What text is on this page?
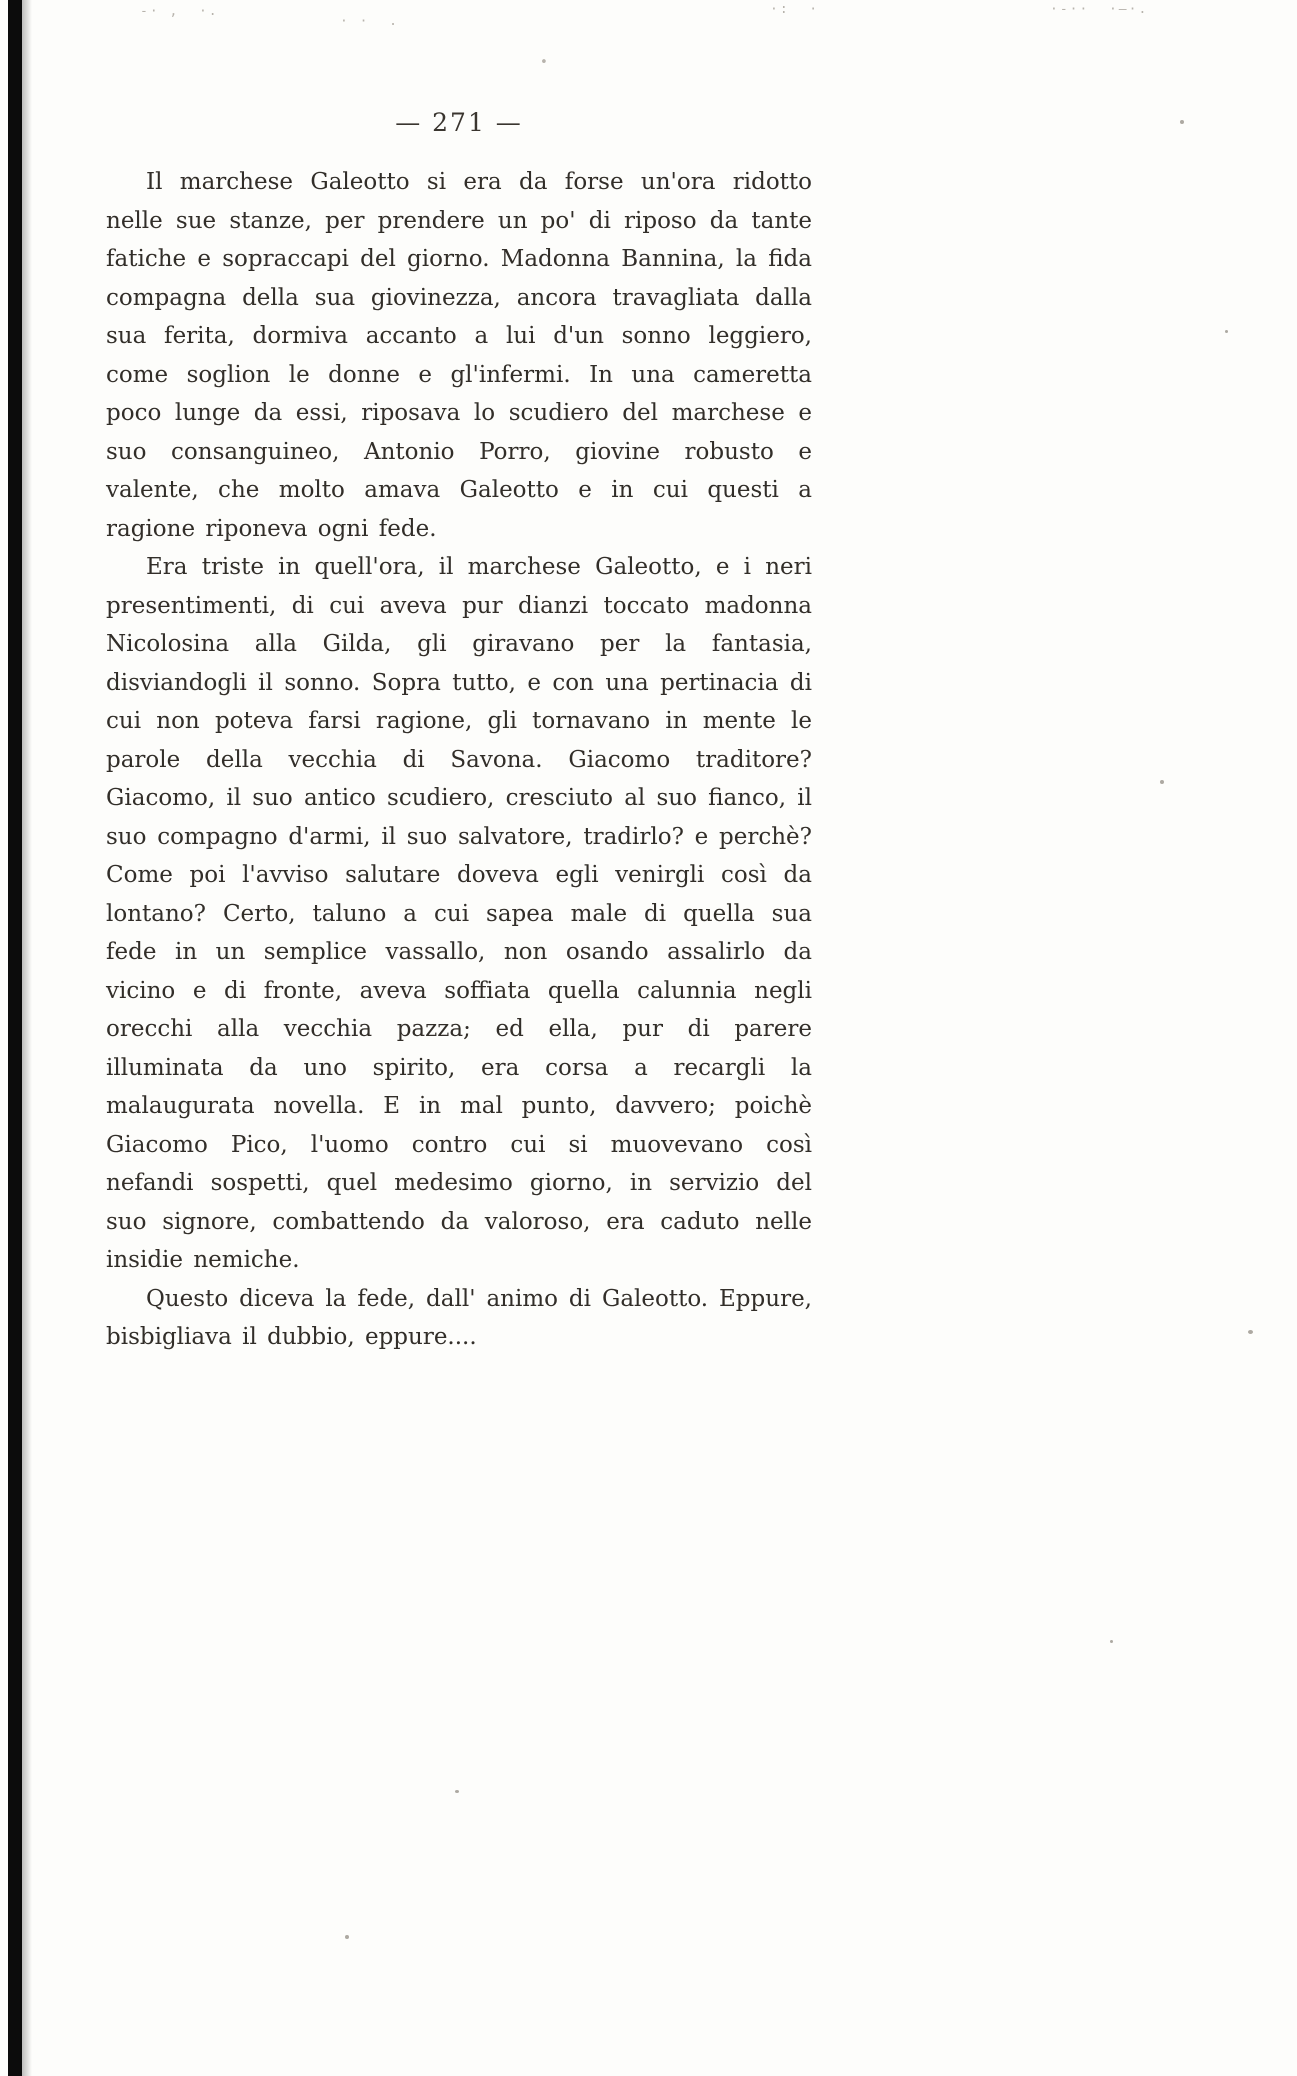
-· ,  ·.
· ·  .
·:  ·	·-··  ·―·.
•
— 271 —

Il marchese Galeotto si era da forse un'ora ridotto nelle sue stanze, per prendere un po' di riposo da tante fatiche e sopraccapi del giorno. Madonna Bannina, la fida compagna della sua giovinezza, ancora travagliata dalla sua ferita, dormiva accanto a lui d'un sonno leggiero, come soglion le donne e gl'infermi. In una cameretta poco lunge da essi, riposava lo scudiero del marchese e suo consanguineo, Antonio Porro, giovine robusto e valente, che molto amava Galeotto e in cui questi a ragione riponeva ogni fede.

Era triste in quell'ora, il marchese Galeotto, e i neri presentimenti, di cui aveva pur dianzi toccato madonna Nicolosina alla Gilda, gli giravano per la fantasia, disviandogli il sonno. Sopra tutto, e con una pertinacia di cui non poteva farsi ragione, gli tornavano in mente le parole della vecchia di Savona. Giacomo traditore? Giacomo, il suo antico scudiero, cresciuto al suo fianco, il suo compagno d'armi, il suo salvatore, tradirlo? e perchè? Come poi l'avviso salutare doveva egli venirgli così da lontano? Certo, taluno a cui sapea male di quella sua fede in un semplice vassallo, non osando assalirlo da vicino e di fronte, aveva soffiata quella calunnia negli orecchi alla vecchia pazza; ed ella, pur di parere illuminata da uno spirito, era corsa a recargli la malaugurata novella. E in mal punto, davvero; poichè Giacomo Pico, l'uomo contro cui si muovevano così nefandi sospetti, quel medesimo giorno, in servizio del suo signore, combattendo da valoroso, era caduto nelle insidie nemiche.

Questo diceva la fede, dall' animo di Galeotto. Eppure, bisbigliava il dubbio, eppure....
